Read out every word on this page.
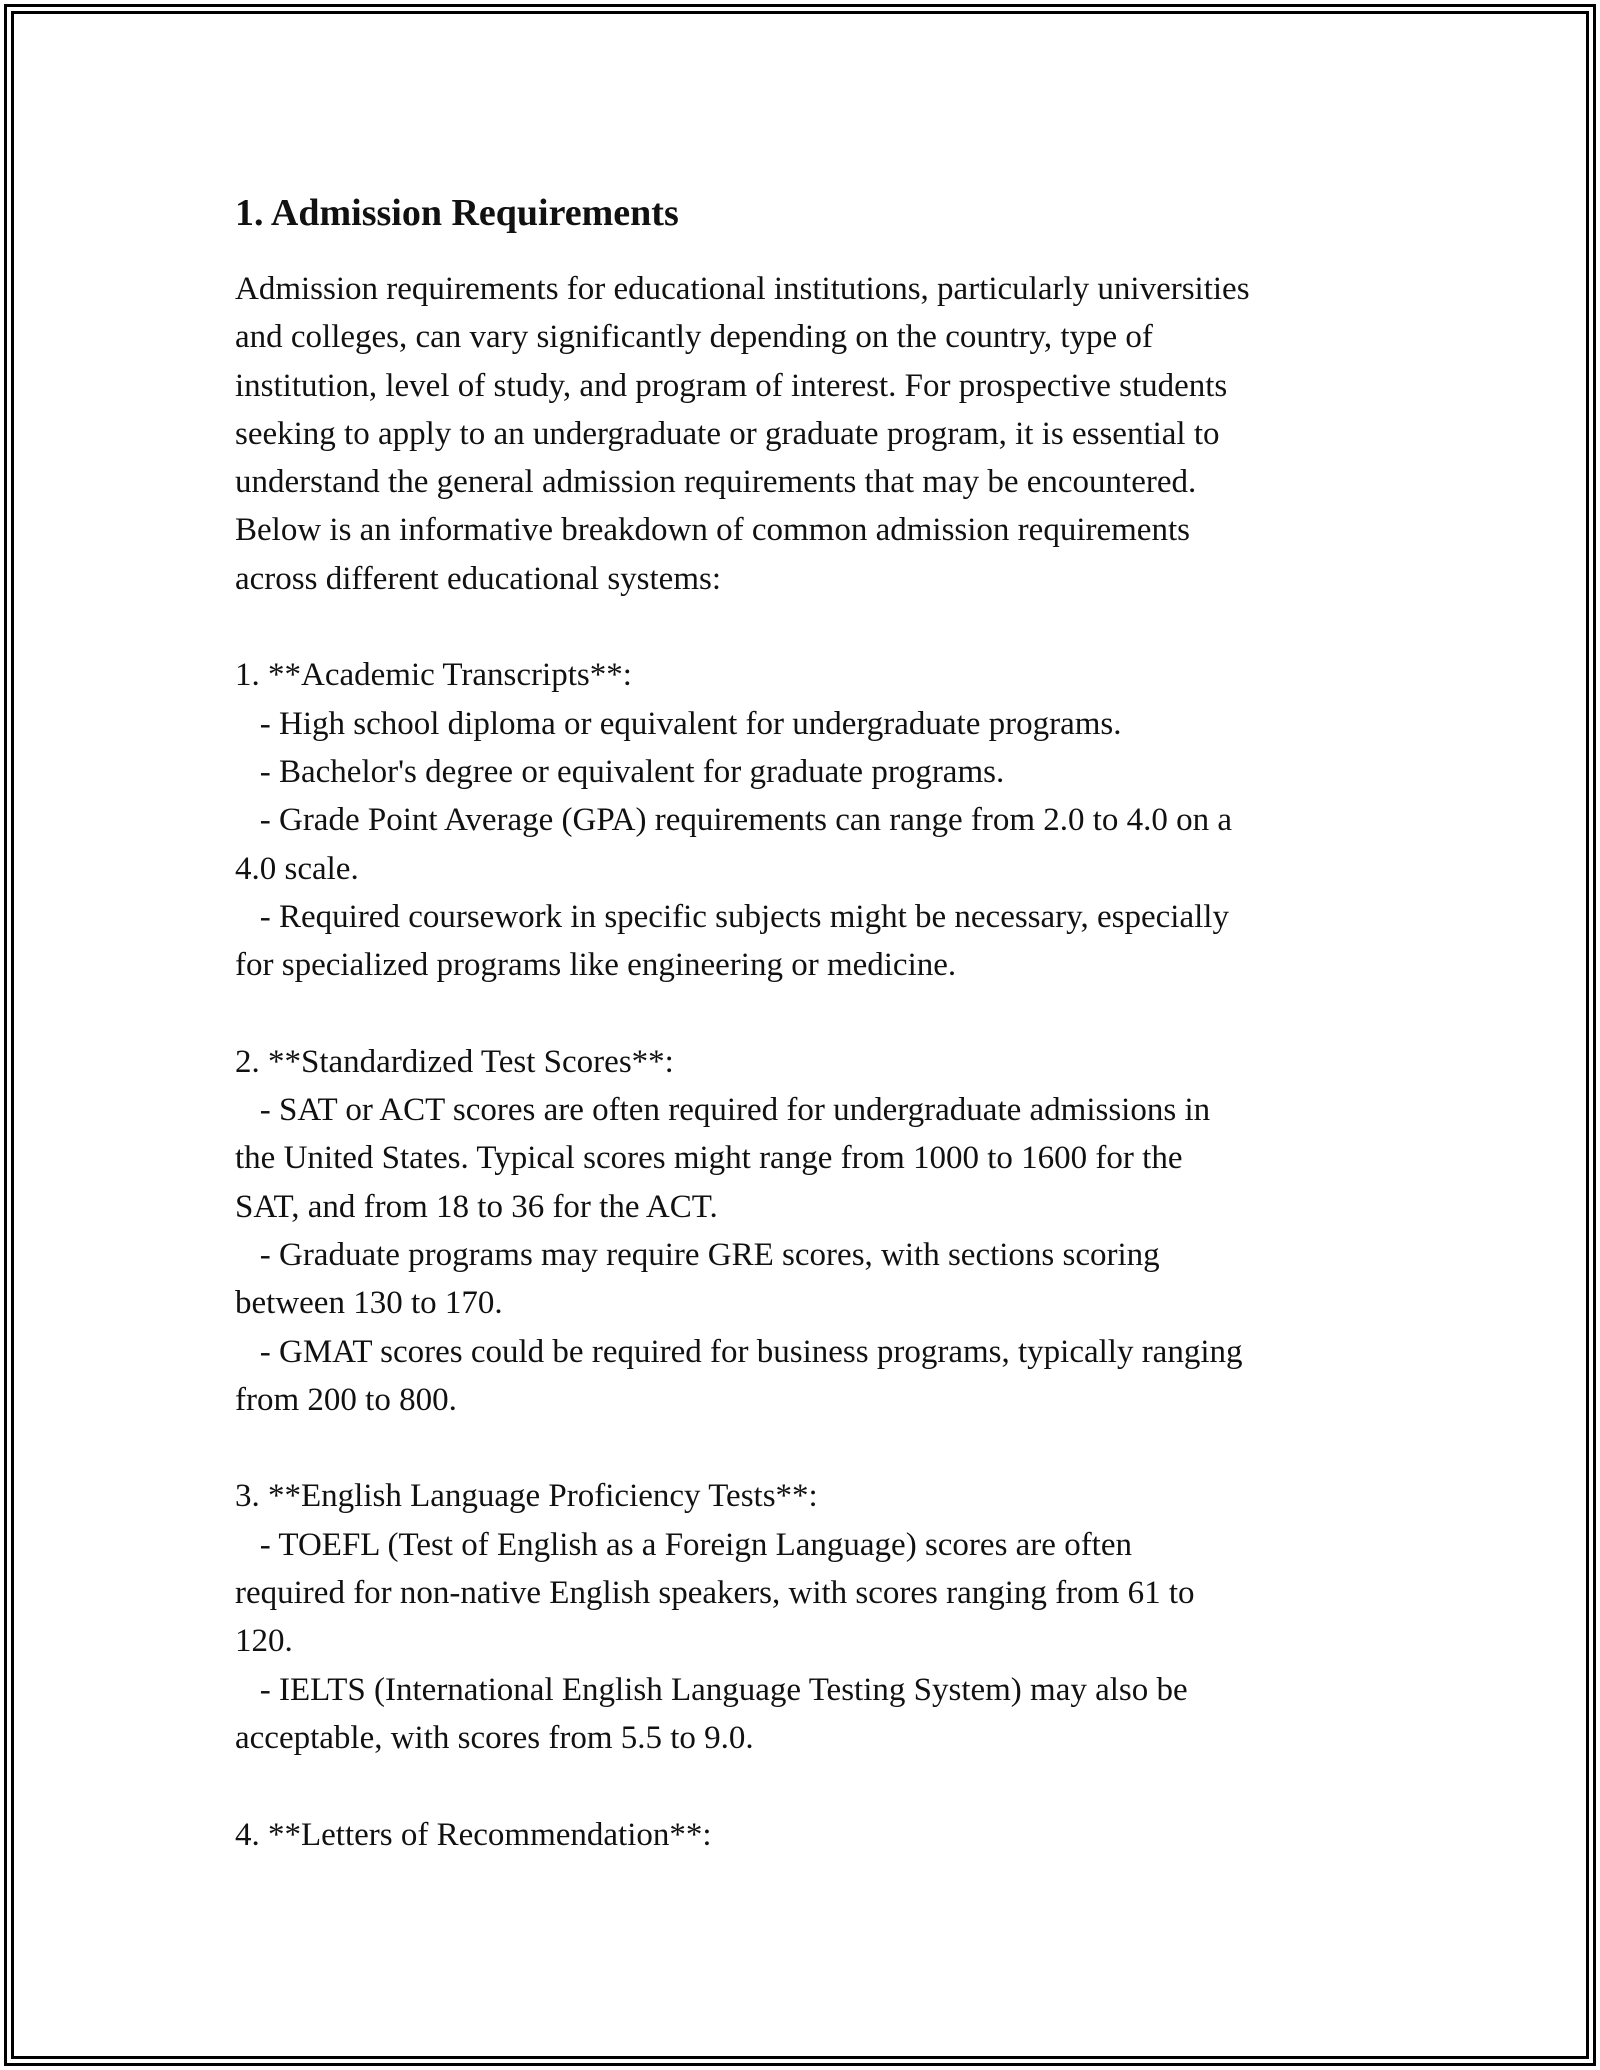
1. Admission Requirements

Admission requirements for educational institutions, particularly universities
and colleges, can vary significantly depending on the country, type of
institution, level of study, and program of interest. For prospective students
seeking to apply to an undergraduate or graduate program, it is essential to
understand the general admission requirements that may be encountered.
Below is an informative breakdown of common admission requirements
across different educational systems:

1. **Academic Transcripts**:
- High school diploma or equivalent for undergraduate programs.
- Bachelor's degree or equivalent for graduate programs.
- Grade Point Average (GPA) requirements can range from 2.0 to 4.0 on a
4.0 scale.
- Required coursework in specific subjects might be necessary, especially
for specialized programs like engineering or medicine.

2. **Standardized Test Scores**:
- SAT or ACT scores are often required for undergraduate admissions in
the United States. Typical scores might range from 1000 to 1600 for the
SAT, and from 18 to 36 for the ACT.
- Graduate programs may require GRE scores, with sections scoring
between 130 to 170.
- GMAT scores could be required for business programs, typically ranging
from 200 to 800.

3. **English Language Proficiency Tests**:
- TOEFL (Test of English as a Foreign Language) scores are often
required for non-native English speakers, with scores ranging from 61 to
120.
- IELTS (International English Language Testing System) may also be
acceptable, with scores from 5.5 to 9.0.

4. **Letters of Recommendation**:
